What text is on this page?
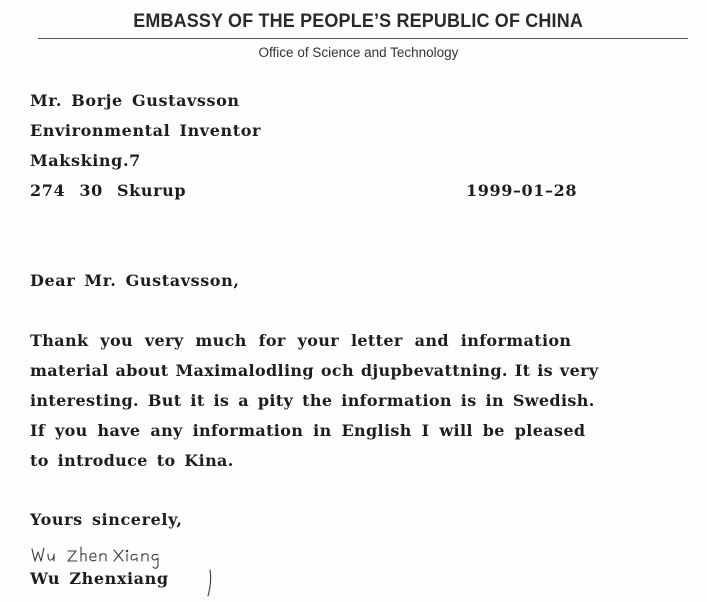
EMBASSY OF THE PEOPLE’S REPUBLIC OF CHINA
Office of Science and Technology
Mr. Borje Gustavsson
Environmental Inventor
Maksking.7
274 30 Skurup	1999–01–28
Dear Mr. Gustavsson,
Thank you very much for your letter and information
material about Maximalodling och djupbevattning. It is very
interesting. But it is a pity the information is in Swedish.
If you have any information in English I will be pleased
to introduce to Kina.
Yours sincerely,
Wu Zhenxiang
